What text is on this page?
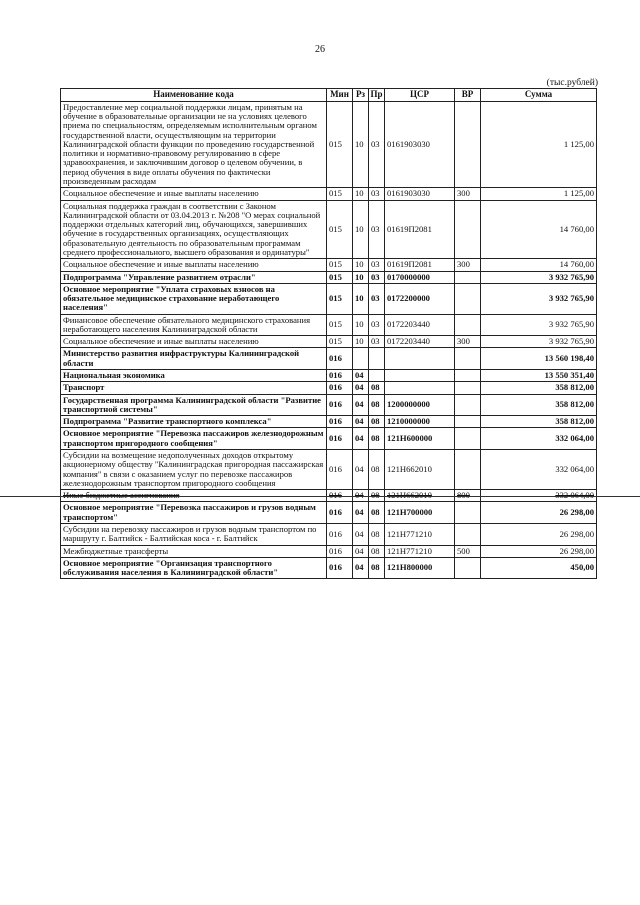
26
(тыс.рублей)
Наименование кода	Мин	Рз	Пр	ЦСР	ВР	Сумма
Предоставление мер социальной поддержки лицам, принятым на обучение в образовательные организации не на условиях целевого приема по специальностям, определяемым исполнительным органом государственной власти, осуществляющим на территории Калининградской области функции по проведению государственной политики и нормативно-правовому регулированию в сфере здравоохранения, и заключившим договор о целевом обучении, в период обучения в виде оплаты обучения по фактически произведенным расходам	015	10	03	0161903030		1 125,00
Социальное обеспечение и иные выплаты населению	015	10	03	0161903030	300	1 125,00
Социальная поддержка граждан в соответствии с Законом Калининградской области от 03.04.2013 г. №208 "О мерах социальной поддержки отдельных категорий лиц, обучающихся, завершивших обучение в государственных организациях, осуществляющих образовательную деятельность по образовательным программам среднего профессионального, высшего образования и ординатуры"	015	10	03	01619П2081		14 760,00
Социальное обеспечение и иные выплаты населению	015	10	03	01619П2081	300	14 760,00
Подпрограмма "Управление развитием отрасли"	015	10	03	0170000000		3 932 765,90
Основное мероприятие "Уплата страховых взносов на обязательное медицинское страхование неработающего населения"	015	10	03	0172200000		3 932 765,90
Финансовое обеспечение обязательного медицинского страхования неработающего населения Калининградской области	015	10	03	0172203440		3 932 765,90
Социальное обеспечение и иные выплаты населению	015	10	03	0172203440	300	3 932 765,90
Министерство развития инфраструктуры Калининградской области	016					13 560 198,40
Национальная экономика	016	04				13 550 351,40
Транспорт	016	04	08			358 812,00
Государственная программа Калининградской области "Развитие транспортной системы"	016	04	08	1200000000		358 812,00
Подпрограмма "Развитие транспортного комплекса"	016	04	08	1210000000		358 812,00
Основное мероприятие "Перевозка пассажиров железнодорожным транспортом пригородного сообщения"	016	04	08	121Н600000		332 064,00
Субсидии на возмещение недополученных доходов открытому акционерному обществу "Калининградская пригородная пассажирская компания" в связи с оказанием услуг по перевозке пассажиров железнодорожным транспортом пригородного сообщения	016	04	08	121Н662010		332 064,00
Иные бюджетные ассигнования	016	04	08	121Н662010	800	332 064,00
Основное мероприятие "Перевозка пассажиров и грузов водным транспортом"	016	04	08	121Н700000		26 298,00
Субсидии на перевозку пассажиров и грузов водным транспортом по маршруту г. Балтийск - Балтийская коса - г. Балтийск	016	04	08	121Н771210		26 298,00
Межбюджетные трансферты	016	04	08	121Н771210	500	26 298,00
Основное мероприятие "Организация транспортного обслуживания населения в Калининградской области"	016	04	08	121Н800000		450,00
